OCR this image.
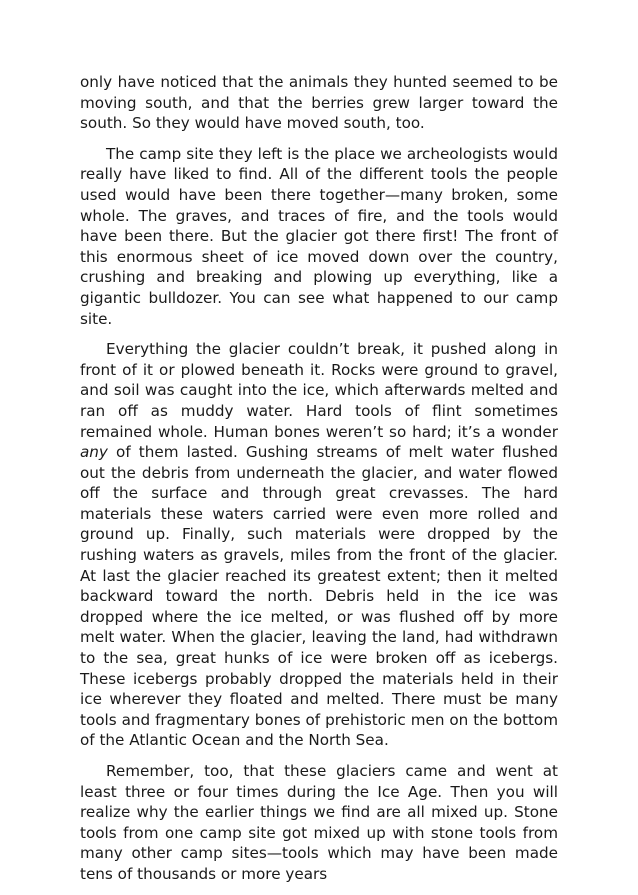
only have noticed that the animals they hunted seemed to be moving south, and that the berries grew larger toward the south. So they would have moved south, too.

The camp site they left is the place we archeologists would really have liked to find. All of the different tools the people used would have been there together—many broken, some whole. The graves, and traces of fire, and the tools would have been there. But the glacier got there first! The front of this enormous sheet of ice moved down over the country, crushing and breaking and plowing up everything, like a gigantic bulldozer. You can see what happened to our camp site.

Everything the glacier couldn’t break, it pushed along in front of it or plowed beneath it. Rocks were ground to gravel, and soil was caught into the ice, which afterwards melted and ran off as muddy water. Hard tools of flint sometimes remained whole. Human bones weren’t so hard; it’s a wonder any of them lasted. Gushing streams of melt water flushed out the debris from underneath the glacier, and water flowed off the surface and through great crevasses. The hard materials these waters carried were even more rolled and ground up. Finally, such materials were dropped by the rushing waters as gravels, miles from the front of the glacier. At last the glacier reached its greatest extent; then it melted backward toward the north. Debris held in the ice was dropped where the ice melted, or was flushed off by more melt water. When the glacier, leaving the land, had withdrawn to the sea, great hunks of ice were broken off as icebergs. These icebergs probably dropped the materials held in their ice wherever they floated and melted. There must be many tools and fragmentary bones of prehistoric men on the bottom of the Atlantic Ocean and the North Sea.

Remember, too, that these glaciers came and went at least three or four times during the Ice Age. Then you will realize why the earlier things we find are all mixed up. Stone tools from one camp site got mixed up with stone tools from many other camp sites—tools which may have been made tens of thousands or more years
